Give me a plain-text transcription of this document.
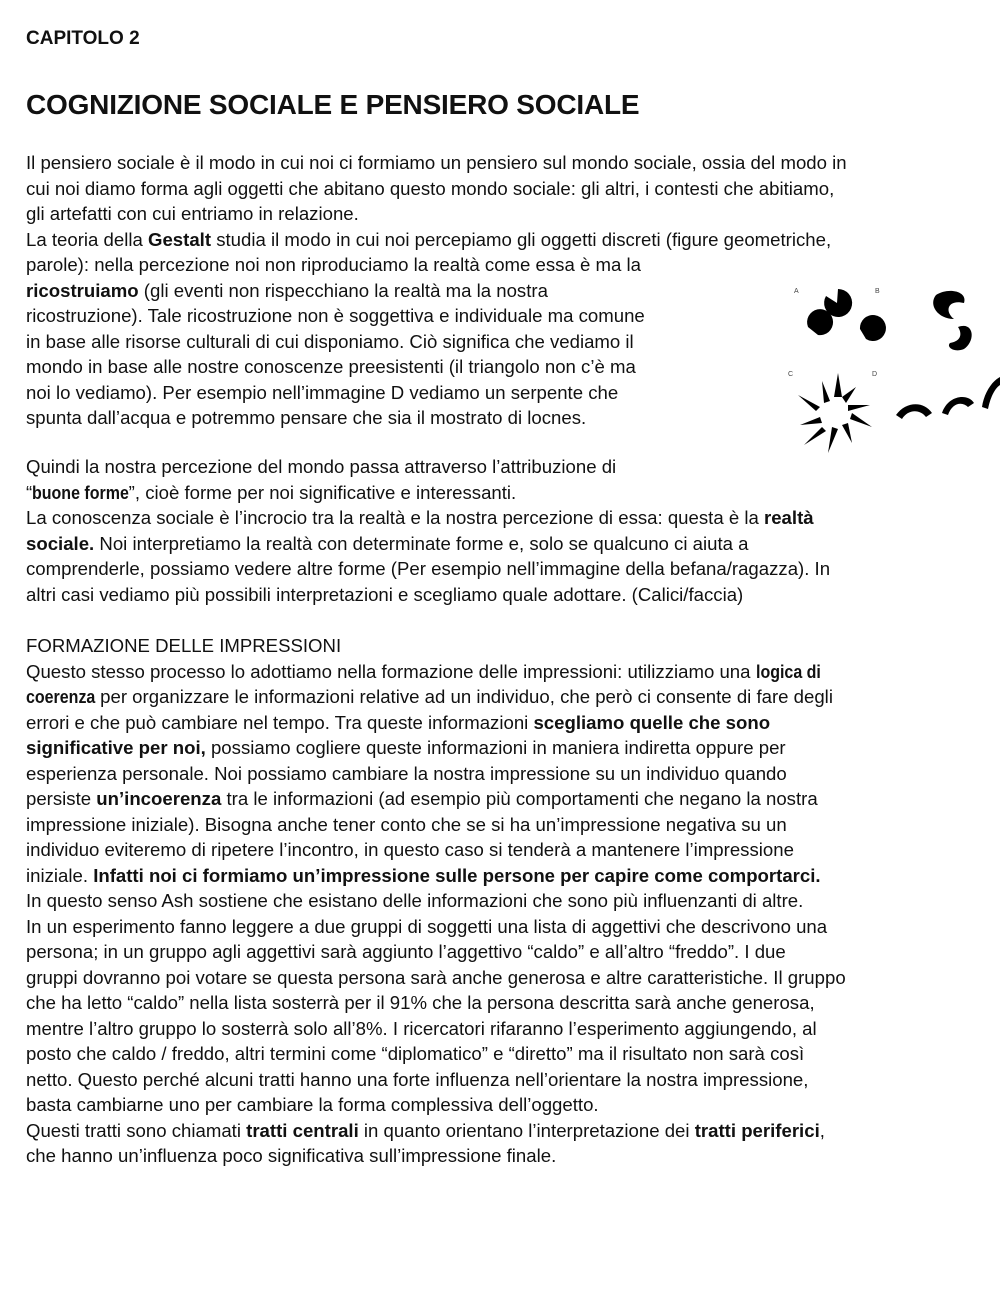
CAPITOLO 2
COGNIZIONE SOCIALE E PENSIERO SOCIALE
Il pensiero sociale è il modo in cui noi ci formiamo un pensiero sul mondo sociale, ossia del modo in
cui noi diamo forma agli oggetti che abitano questo mondo sociale: gli altri, i contesti che abitiamo,
gli artefatti con cui entriamo in relazione.
La teoria della Gestalt studia il modo in cui noi percepiamo gli oggetti discreti (figure geometriche,
parole): nella percezione noi non riproduciamo la realtà come essa è ma la
ricostruiamo (gli eventi non rispecchiano la realtà ma la nostra
ricostruzione). Tale ricostruzione non è soggettiva e individuale ma comune
in base alle risorse culturali di cui disponiamo. Ciò significa che vediamo il
mondo in base alle nostre conoscenze preesistenti (il triangolo non c’è ma
noi lo vediamo). Per esempio nell’immagine D vediamo un serpente che
spunta dall’acqua e potremmo pensare che sia il mostrato di locnes.
A	B
C	D
Quindi la nostra percezione del mondo passa attraverso l’attribuzione di
“buone forme”, cioè forme per noi significative e interessanti.
La conoscenza sociale è l’incrocio tra la realtà e la nostra percezione di essa: questa è la realtà
sociale. Noi interpretiamo la realtà con determinate forme e, solo se qualcuno ci aiuta a
comprenderle, possiamo vedere altre forme (Per esempio nell’immagine della befana/ragazza). In
altri casi vediamo più possibili interpretazioni e scegliamo quale adottare. (Calici/faccia)
FORMAZIONE DELLE IMPRESSIONI
Questo stesso processo lo adottiamo nella formazione delle impressioni: utilizziamo una logica di
coerenza per organizzare le informazioni relative ad un individuo, che però ci consente di fare degli
errori e che può cambiare nel tempo. Tra queste informazioni scegliamo quelle che sono
significative per noi, possiamo cogliere queste informazioni in maniera indiretta oppure per
esperienza personale. Noi possiamo cambiare la nostra impressione su un individuo quando
persiste un’incoerenza tra le informazioni (ad esempio più comportamenti che negano la nostra
impressione iniziale). Bisogna anche tener conto che se si ha un’impressione negativa su un
individuo eviteremo di ripetere l’incontro, in questo caso si tenderà a mantenere l’impressione
iniziale. Infatti noi ci formiamo un’impressione sulle persone per capire come comportarci.
In questo senso Ash sostiene che esistano delle informazioni che sono più influenzanti di altre.
In un esperimento fanno leggere a due gruppi di soggetti una lista di aggettivi che descrivono una
persona; in un gruppo agli aggettivi sarà aggiunto l’aggettivo “caldo” e all’altro “freddo”. I due
gruppi dovranno poi votare se questa persona sarà anche generosa e altre caratteristiche. Il gruppo
che ha letto “caldo” nella lista sosterrà per il 91% che la persona descritta sarà anche generosa,
mentre l’altro gruppo lo sosterrà solo all’8%. I ricercatori rifaranno l’esperimento aggiungendo, al
posto che caldo / freddo, altri termini come “diplomatico” e “diretto” ma il risultato non sarà così
netto. Questo perché alcuni tratti hanno una forte influenza nell’orientare la nostra impressione,
basta cambiarne uno per cambiare la forma complessiva dell’oggetto.
Questi tratti sono chiamati tratti centrali in quanto orientano l’interpretazione dei tratti periferici,
che hanno un’influenza poco significativa sull’impressione finale.
